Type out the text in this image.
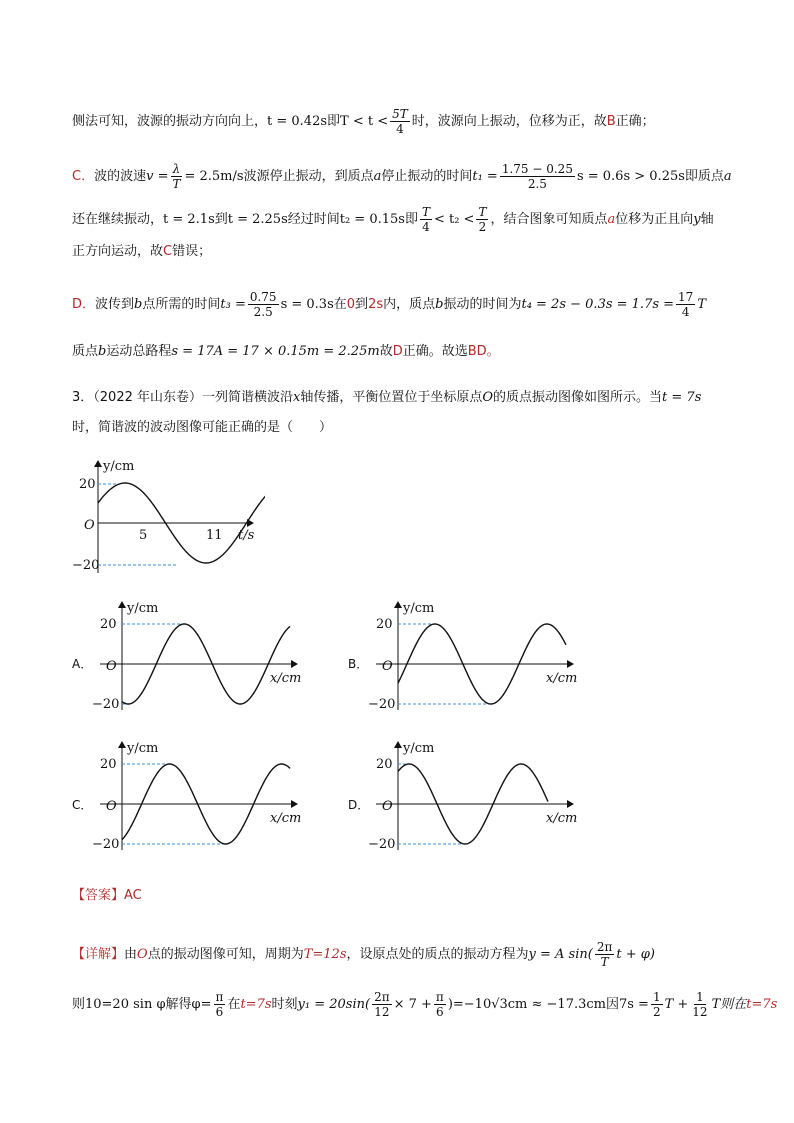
侧法可知，波源的振动方向向上，t = 0.42s即$T < t < \frac{5T}{4}$ 时，波源向上振动，位移为正，故B正确；
C．波的波速$v = \frac{\lambda}{T} = 2.5m/s$波源停止振动，到质点a停止振动的时间$t_1 = \frac{1.75 - 0.25}{2.5}$ s = 0.6s > 0.25s即质点a
还在继续振动，t = 2.1s到t = 2.25s经过时间t₂ = 0.15s即 $\frac{T}{4} < t_2 < \frac{T}{2}$ ，结合图象可知质点a位移为正且向y轴
正方向运动，故C错误；
D．波传到b点所需的时间$t_3 = \frac{0.75}{2.5}$ s = 0.3s在0到2s内，质点b振动的时间为$t_4 = 2s - 0.3s = 1.7s = \frac{17}{4}$ T
质点b运动总路程s = 17A = 17 × 0.15m = 2.25m故D正确。故选BD。
3．（2022 年山东卷）一列简谐横波沿x轴传播，平衡位置位于坐标原点O的质点振动图像如图所示。当t = 7s
时，简谐波的波动图像可能正确的是（　　）
y/cm
t/s
O
20
−20
5	11
A．
y/cm
x/cm
O
20
−20
B．
y/cm
x/cm
O
20
−20
C．
y/cm
x/cm
O
20
−20
D．
y/cm
x/cm
O
20
−20
【答案】AC
【详解】由O点的振动图像可知，周期为T=12s，设原点处的质点的振动方程为y = A $\sin( \frac{2\pi}{T}$ t + φ)
则10=20 sin φ解得$\varphi= \frac{\pi}{6}$ 在t=7s时刻$y_1 = 20\sin( \frac{2\pi}{12} \times 7 + \frac{\pi}{6} )=-10√3cm \approx -17.3cm$因$7s = \frac{1}{2}$ $T + \frac{1}{12}$ T则在t=7s
